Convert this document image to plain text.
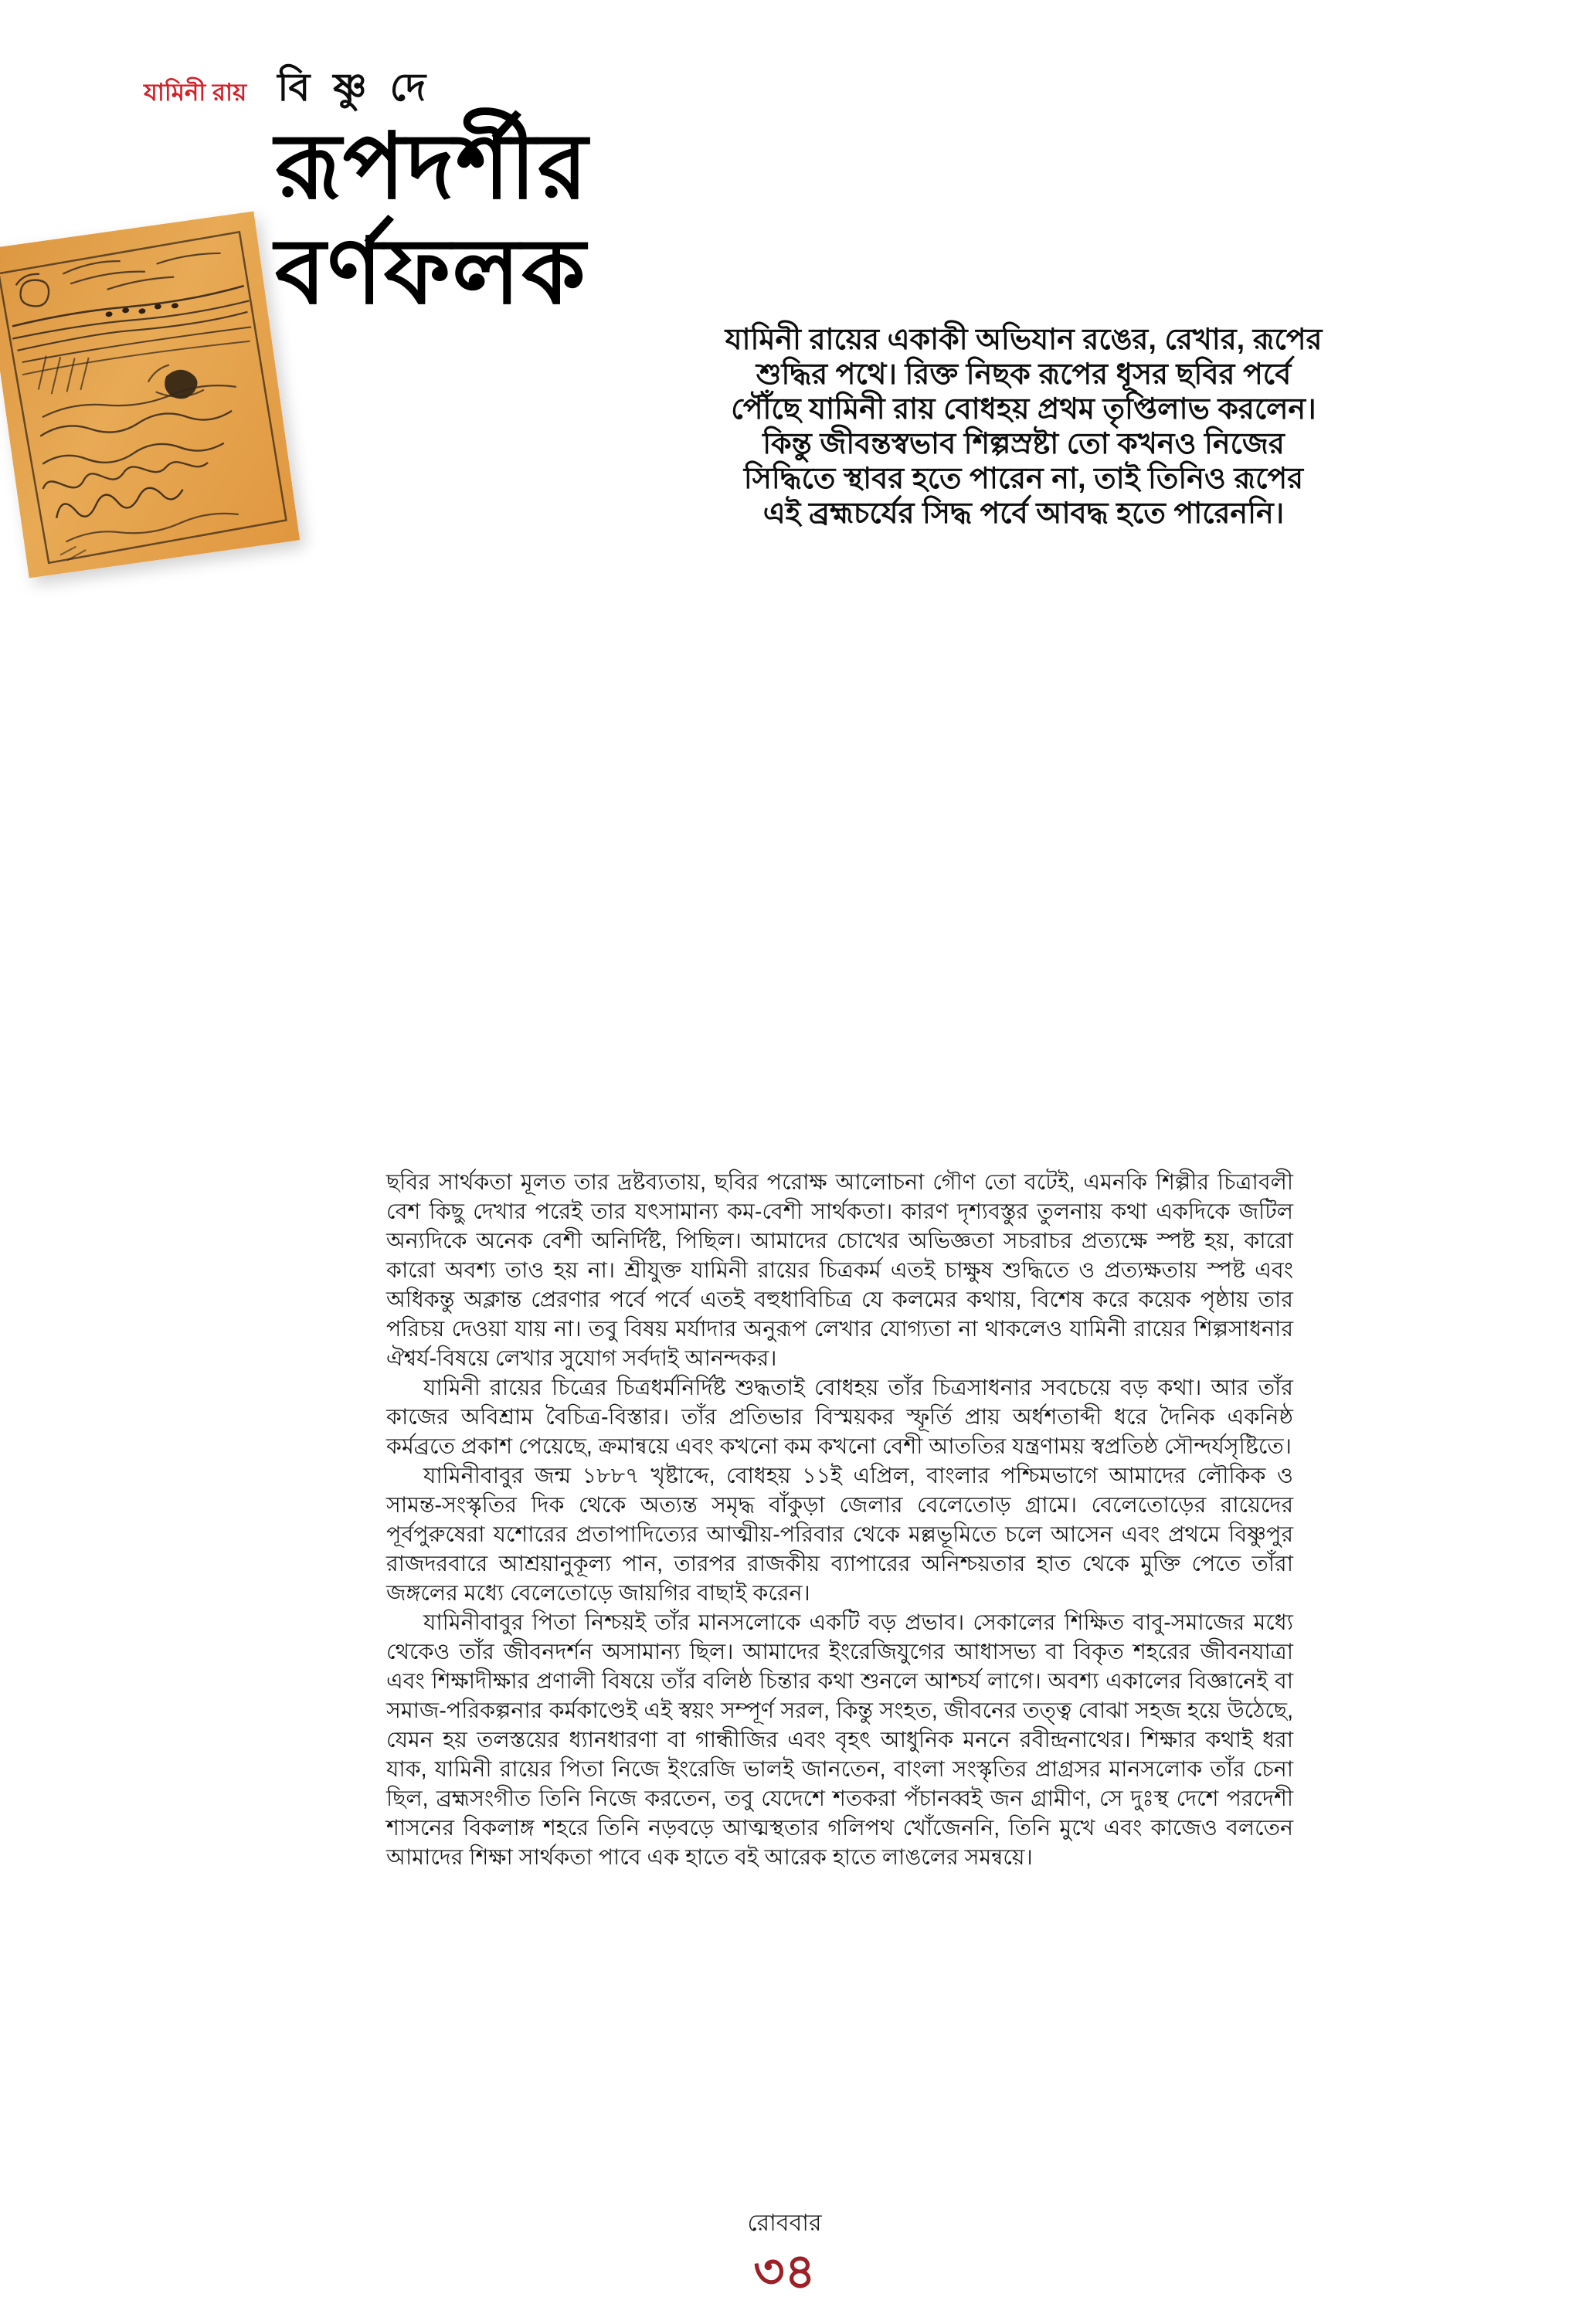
যামিনী রায় বি ষ্ণু দে
রূপদর্শীর
বর্ণফলক
যামিনী রায়ের একাকী অভিযান রঙের, রেখার, রূপের
শুদ্ধির পথে। রিক্ত নিছক রূপের ধূসর ছবির পর্বে
পৌঁছে যামিনী রায় বোধহয় প্রথম তৃপ্তিলাভ করলেন।
কিন্তু জীবন্তস্বভাব শিল্পস্রষ্টা তো কখনও নিজের
সিদ্ধিতে স্থাবর হতে পারেন না, তাই তিনিও রূপের
এই ব্রহ্মচর্যের সিদ্ধ পর্বে আবদ্ধ হতে পারেননি।

ছবির সার্থকতা মূলত তার দ্রষ্টব্যতায়, ছবির পরোক্ষ আলোচনা গৌণ তো বটেই, এমনকি শিল্পীর চিত্রাবলী বেশ কিছু দেখার পরেই তার যৎসামান্য কম-বেশী সার্থকতা। কারণ দৃশ্যবস্তুর তুলনায় কথা একদিকে জটিল অন্যদিকে অনেক বেশী অনির্দিষ্ট, পিছিল। আমাদের চোখের অভিজ্ঞতা সচরাচর প্রত্যক্ষে স্পষ্ট হয়, কারো কারো অবশ্য তাও হয় না। শ্রীযুক্ত যামিনী রায়ের চিত্রকর্ম এতই চাক্ষুষ শুদ্ধিতে ও প্রত্যক্ষতায় স্পষ্ট এবং অধিকন্তু অক্লান্ত প্রেরণার পর্বে পর্বে এতই বহুধাবিচিত্র যে কলমের কথায়, বিশেষ করে কয়েক পৃষ্ঠায় তার পরিচয় দেওয়া যায় না। তবু বিষয় মর্যাদার অনুরূপ লেখার যোগ্যতা না থাকলেও যামিনী রায়ের শিল্পসাধনার ঐশ্বর্য-বিষয়ে লেখার সুযোগ সর্বদাই আনন্দকর।

যামিনী রায়ের চিত্রের চিত্রধর্মনির্দিষ্ট শুদ্ধতাই বোধহয় তাঁর চিত্রসাধনার সবচেয়ে বড় কথা। আর তাঁর কাজের অবিশ্রাম বৈচিত্র-বিস্তার। তাঁর প্রতিভার বিস্ময়কর স্ফূর্তি প্রায় অর্ধশতাব্দী ধরে দৈনিক একনিষ্ঠ কর্মব্রতে প্রকাশ পেয়েছে, ক্রমান্বয়ে এবং কখনো কম কখনো বেশী আততির যন্ত্রণাময় স্বপ্রতিষ্ঠ সৌন্দর্যসৃষ্টিতে।

যামিনীবাবুর জন্ম ১৮৮৭ খৃষ্টাব্দে, বোধহয় ১১ই এপ্রিল, বাংলার পশ্চিমভাগে আমাদের লৌকিক ও সামন্ত-সংস্কৃতির দিক থেকে অত্যন্ত সমৃদ্ধ বাঁকুড়া জেলার বেলেতোড় গ্রামে। বেলেতোড়ের রায়েদের পূর্বপুরুষেরা যশোরের প্রতাপাদিত্যের আত্মীয়-পরিবার থেকে মল্লভূমিতে চলে আসেন এবং প্রথমে বিষ্ণুপুর রাজদরবারে আশ্রয়ানুকূল্য পান, তারপর রাজকীয় ব্যাপারের অনিশ্চয়তার হাত থেকে মুক্তি পেতে তাঁরা জঙ্গলের মধ্যে বেলেতোড়ে জায়গির বাছাই করেন।

যামিনীবাবুর পিতা নিশ্চয়ই তাঁর মানসলোকে একটি বড় প্রভাব। সেকালের শিক্ষিত বাবু-সমাজের মধ্যে থেকেও তাঁর জীবনদর্শন অসামান্য ছিল। আমাদের ইংরেজিযুগের আধাসভ্য বা বিকৃত শহরের জীবনযাত্রা এবং শিক্ষাদীক্ষার প্রণালী বিষয়ে তাঁর বলিষ্ঠ চিন্তার কথা শুনলে আশ্চর্য লাগে। অবশ্য একালের বিজ্ঞানেই বা সমাজ-পরিকল্পনার কর্মকাণ্ডেই এই স্বয়ং সম্পূর্ণ সরল, কিন্তু সংহত, জীবনের তত্ত্ব বোঝা সহজ হয়ে উঠেছে, যেমন হয় তলস্তয়ের ধ্যানধারণা বা গান্ধীজির এবং বৃহৎ আধুনিক মননে রবীন্দ্রনাথের। শিক্ষার কথাই ধরা যাক, যামিনী রায়ের পিতা নিজে ইংরেজি ভালই জানতেন, বাংলা সংস্কৃতির প্রাগ্রসর মানসলোক তাঁর চেনা ছিল, ব্রহ্মসংগীত তিনি নিজে করতেন, তবু যেদেশে শতকরা পঁচানব্বই জন গ্রামীণ, সে দুঃস্থ দেশে পরদেশী শাসনের বিকলাঙ্গ শহরে তিনি নড়বড়ে আত্মস্থতার গলিপথ খোঁজেননি, তিনি মুখে এবং কাজেও বলতেন আমাদের শিক্ষা সার্থকতা পাবে এক হাতে বই আরেক হাতে লাঙলের সমন্বয়ে।

রোববার
৩৪
